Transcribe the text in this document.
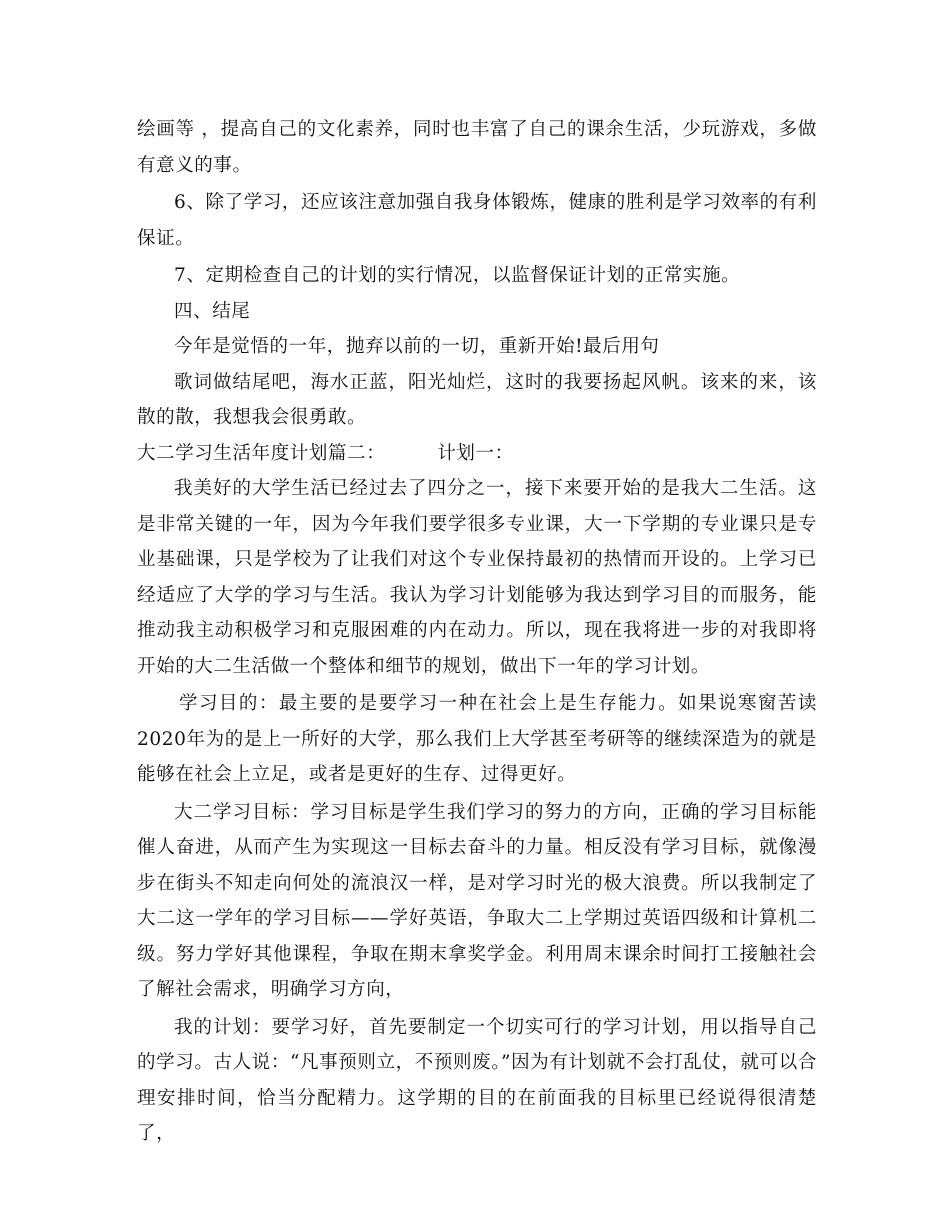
绘画等 ，提高自己的文化素养，同时也丰富了自己的课余生活，少玩游戏，多做有意义的事。

6、除了学习，还应该注意加强自我身体锻炼，健康的胜利是学习效率的有利保证。

7、定期检查自己的计划的实行情况，以监督保证计划的正常实施。

四、结尾

今年是觉悟的一年，抛弃以前的一切，重新开始!最后用句

歌词做结尾吧，海水正蓝，阳光灿烂，这时的我要扬起风帆。该来的来，该散的散，我想我会很勇敢。

大二学习生活年度计划篇二：	计划一：

我美好的大学生活已经过去了四分之一，接下来要开始的是我大二生活。这是非常关键的一年，因为今年我们要学很多专业课，大一下学期的专业课只是专业基础课，只是学校为了让我们对这个专业保持最初的热情而开设的。上学习已经适应了大学的学习与生活。我认为学习计划能够为我达到学习目的而服务，能推动我主动积极学习和克服困难的内在动力。所以，现在我将进一步的对我即将开始的大二生活做一个整体和细节的规划，做出下一年的学习计划。

学习目的：最主要的是要学习一种在社会上是生存能力。如果说寒窗苦读2020年为的是上一所好的大学，那么我们上大学甚至考研等的继续深造为的就是能够在社会上立足，或者是更好的生存、过得更好。

大二学习目标：学习目标是学生我们学习的努力的方向，正确的学习目标能催人奋进，从而产生为实现这一目标去奋斗的力量。相反没有学习目标，就像漫步在街头不知走向何处的流浪汉一样，是对学习时光的极大浪费。所以我制定了大二这一学年的学习目标——学好英语，争取大二上学期过英语四级和计算机二级。努力学好其他课程，争取在期末拿奖学金。利用周末课余时间打工接触社会了解社会需求，明确学习方向，

我的计划：要学习好，首先要制定一个切实可行的学习计划，用以指导自己的学习。古人说：“凡事预则立，不预则废。”因为有计划就不会打乱仗，就可以合理安排时间，恰当分配精力。这学期的目的在前面我的目标里已经说得很清楚了，
